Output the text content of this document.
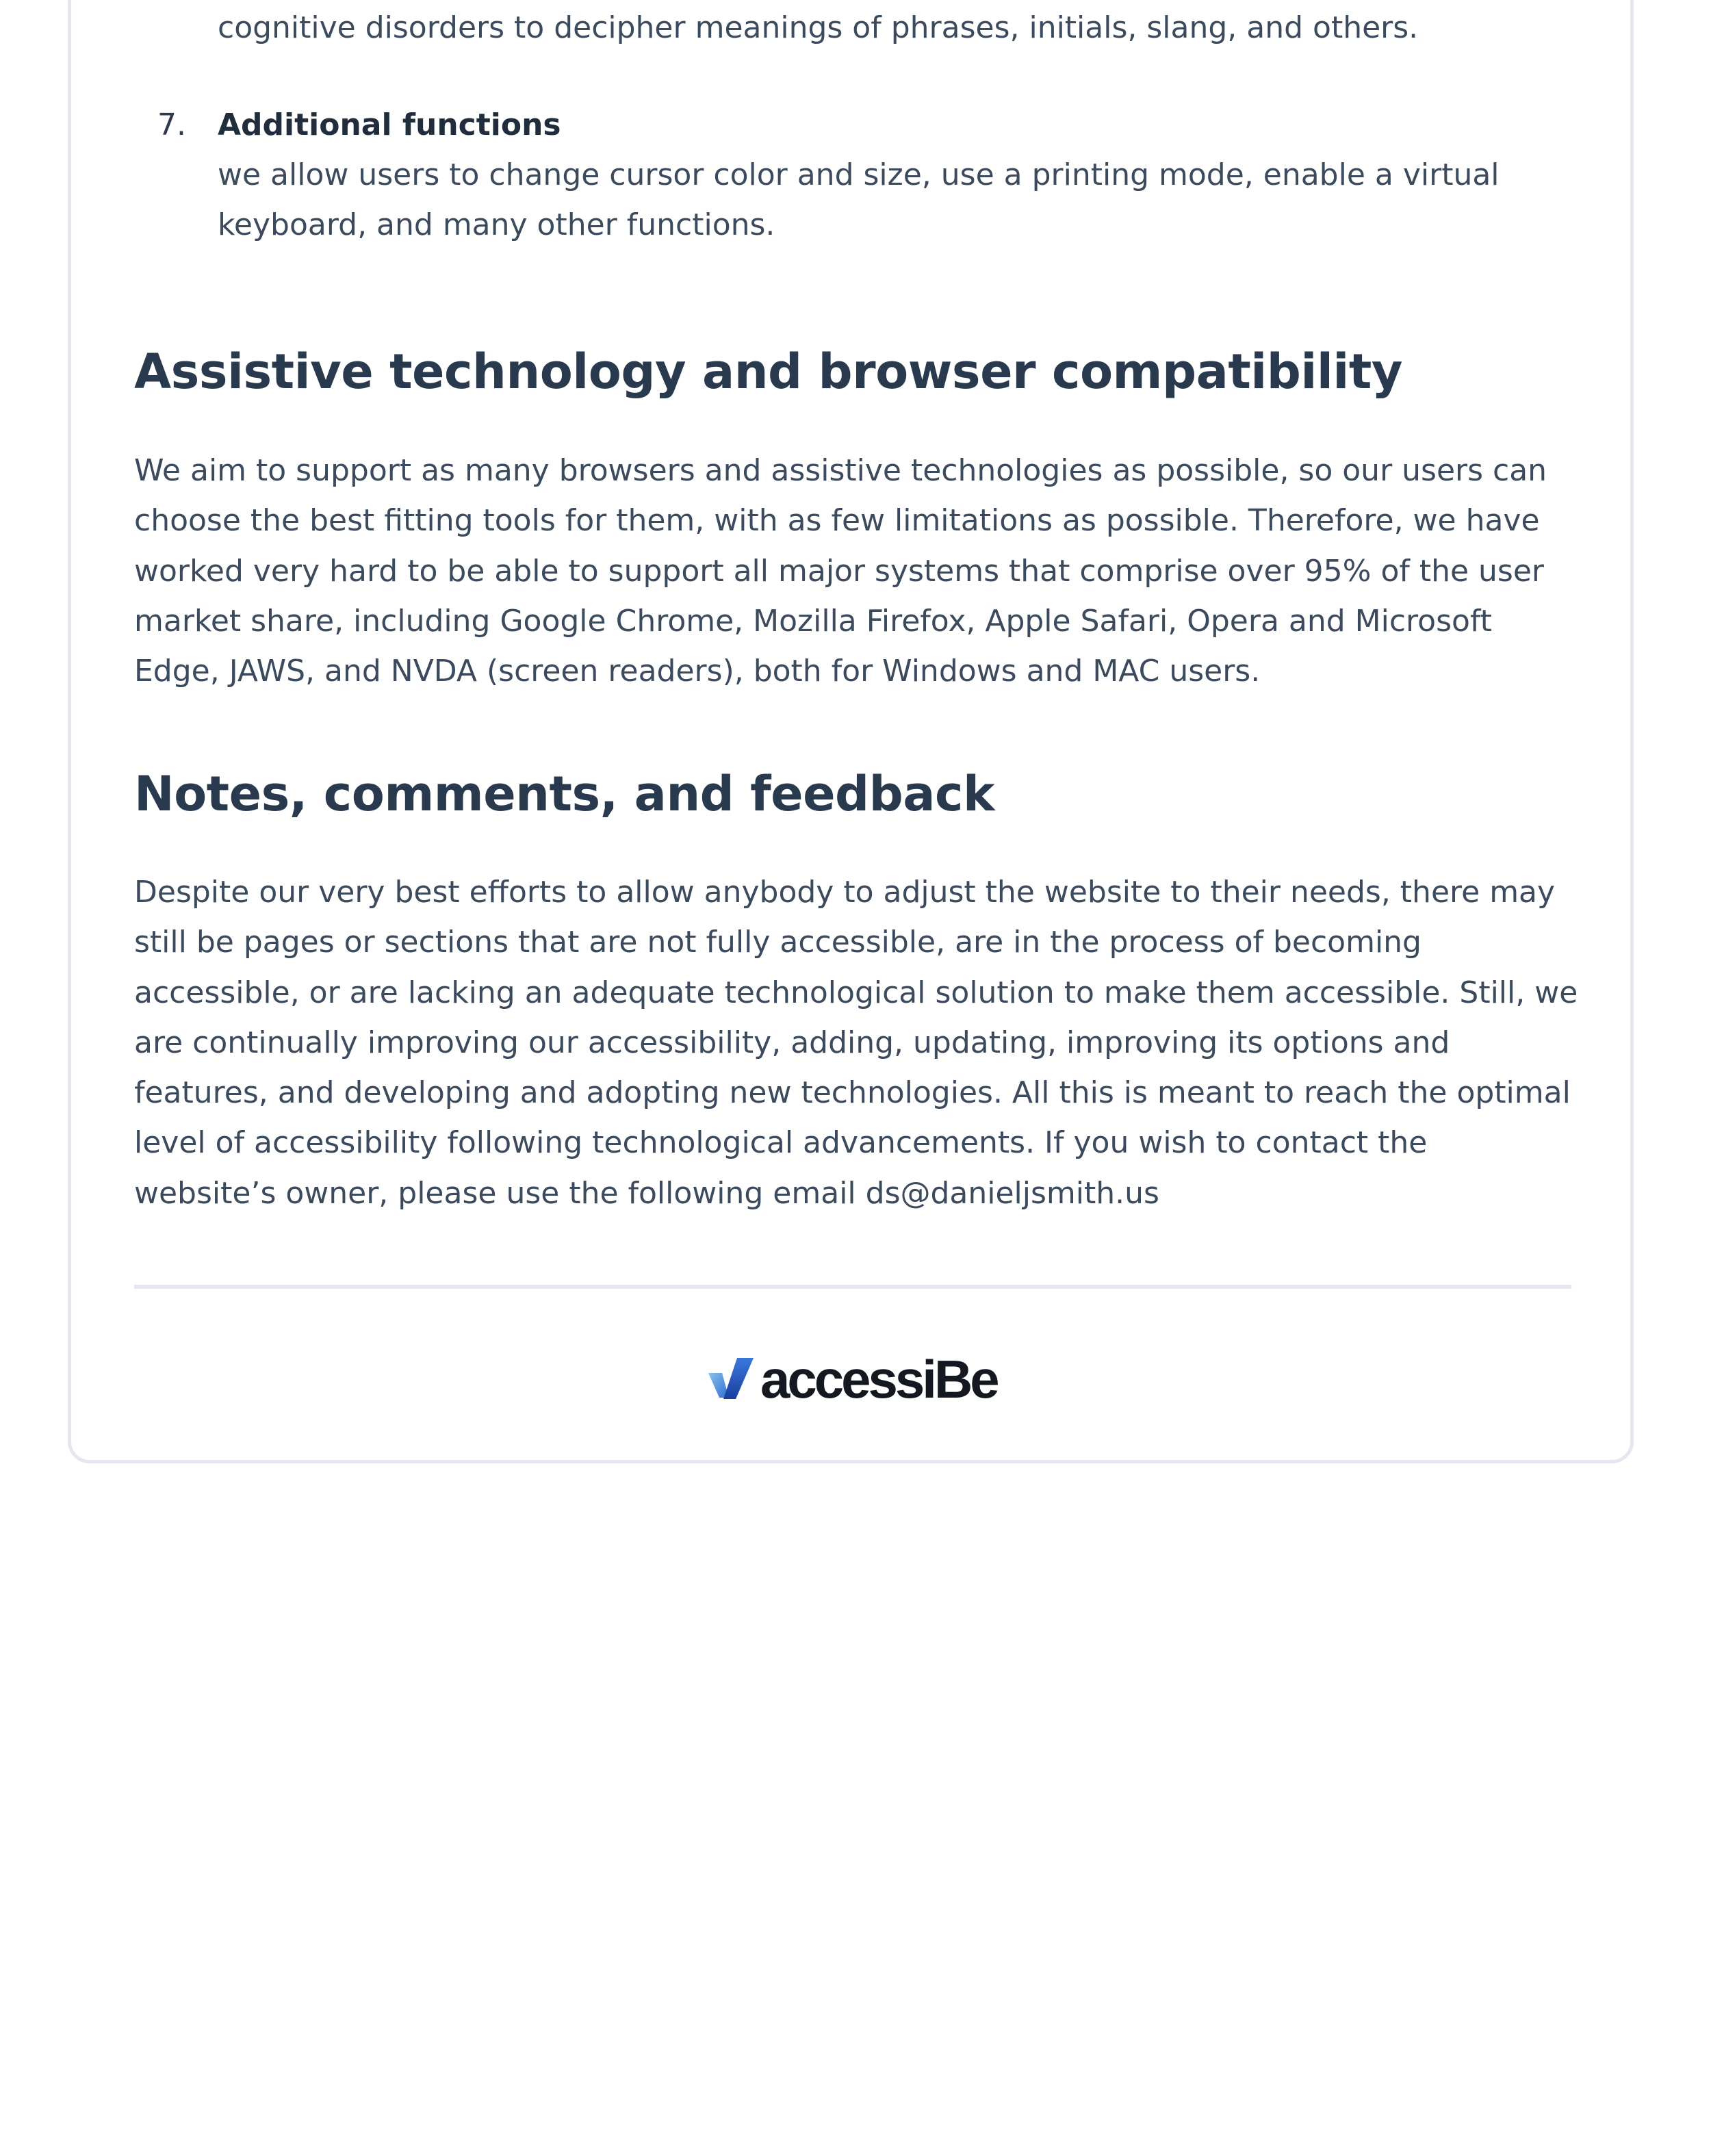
cognitive disorders to decipher meanings of phrases, initials, slang, and others.
7. Additional functions
we allow users to change cursor color and size, use a printing mode, enable a virtual keyboard, and many other functions.
Assistive technology and browser compatibility

We aim to support as many browsers and assistive technologies as possible, so our users can choose the best fitting tools for them, with as few limitations as possible. Therefore, we have worked very hard to be able to support all major systems that comprise over 95% of the user market share, including Google Chrome, Mozilla Firefox, Apple Safari, Opera and Microsoft Edge, JAWS, and NVDA (screen readers), both for Windows and MAC users.

Notes, comments, and feedback

Despite our very best efforts to allow anybody to adjust the website to their needs, there may still be pages or sections that are not fully accessible, are in the process of becoming accessible, or are lacking an adequate technological solution to make them accessible. Still, we are continually improving our accessibility, adding, updating, improving its options and features, and developing and adopting new technologies. All this is meant to reach the optimal level of accessibility following technological advancements. If you wish to contact the website’s owner, please use the following email ds@danieljsmith.us

accessiBe
